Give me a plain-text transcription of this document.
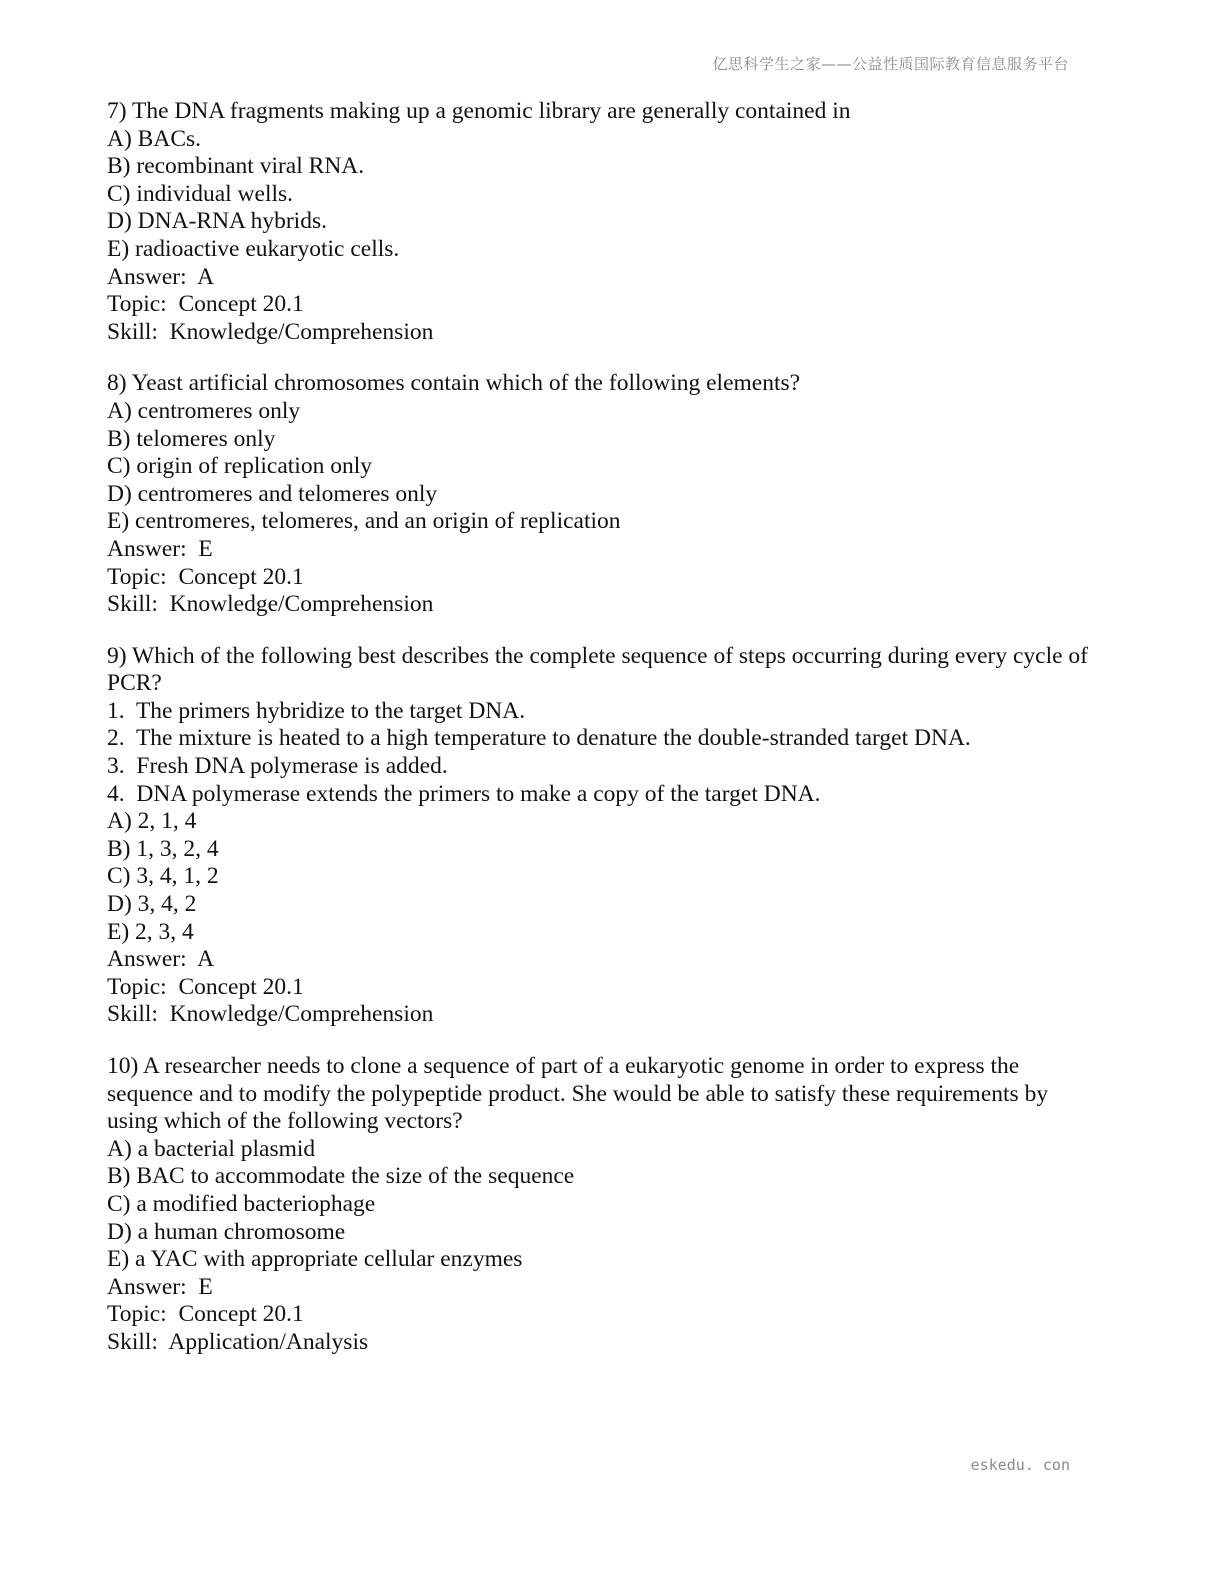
亿思科学生之家——公益性质国际教育信息服务平台
7) The DNA fragments making up a genomic library are generally contained in
A) BACs.
B) recombinant viral RNA.
C) individual wells.
D) DNA-RNA hybrids.
E) radioactive eukaryotic cells.
Answer:  A
Topic:  Concept 20.1
Skill:  Knowledge/Comprehension
8) Yeast artificial chromosomes contain which of the following elements?
A) centromeres only
B) telomeres only
C) origin of replication only
D) centromeres and telomeres only
E) centromeres, telomeres, and an origin of replication
Answer:  E
Topic:  Concept 20.1
Skill:  Knowledge/Comprehension
9) Which of the following best describes the complete sequence of steps occurring during every cycle of
PCR?
1.  The primers hybridize to the target DNA.
2.  The mixture is heated to a high temperature to denature the double-stranded target DNA.
3.  Fresh DNA polymerase is added.
4.  DNA polymerase extends the primers to make a copy of the target DNA.
A) 2, 1, 4
B) 1, 3, 2, 4
C) 3, 4, 1, 2
D) 3, 4, 2
E) 2, 3, 4
Answer:  A
Topic:  Concept 20.1
Skill:  Knowledge/Comprehension
10) A researcher needs to clone a sequence of part of a eukaryotic genome in order to express the
sequence and to modify the polypeptide product. She would be able to satisfy these requirements by
using which of the following vectors?
A) a bacterial plasmid
B) BAC to accommodate the size of the sequence
C) a modified bacteriophage
D) a human chromosome
E) a YAC with appropriate cellular enzymes
Answer:  E
Topic:  Concept 20.1
Skill:  Application/Analysis
eskedu. con
